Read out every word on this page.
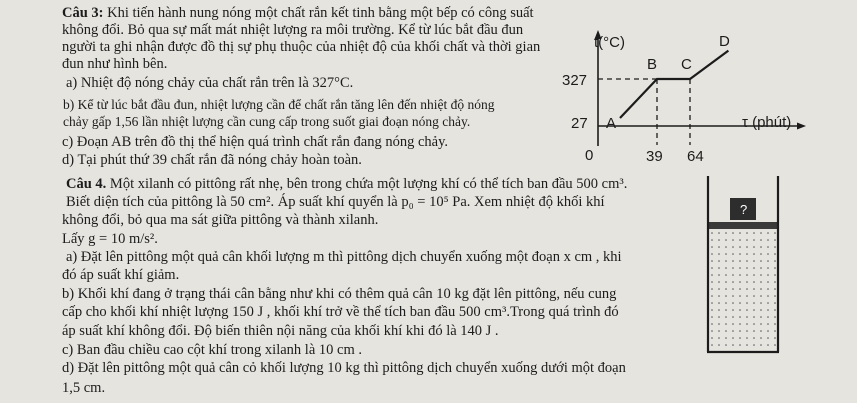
Câu 3: Khi tiến hành nung nóng một chất rắn kết tinh bằng một bếp có công suất
không đổi. Bỏ qua sự mất mát nhiệt lượng ra môi trường. Kể từ lúc bắt đầu đun
người ta ghi nhận được đồ thị sự phụ thuộc của nhiệt độ của khối chất và thời gian
đun như hình bên.
a) Nhiệt độ nóng chảy của chất rắn trên là 327°C.
b) Kể từ lúc bắt đầu đun, nhiệt lượng cần để chất rắn tăng lên đến nhiệt độ nóng
chảy gấp 1,56 lần nhiệt lượng cần cung cấp trong suốt giai đoạn nóng chảy.
c) Đoạn AB trên đồ thị thể hiện quá trình chất rắn đang nóng chảy.
d) Tại phút thứ 39 chất rắn đã nóng chảy hoàn toàn.
t(°C)
τ (phút)
0
327
27
39 64
A
B C
D
Câu 4. Một xilanh có pittông rất nhẹ, bên trong chứa một lượng khí có thể tích ban đầu 500 cm³.
Biết diện tích của pittông là 50 cm². Áp suất khí quyển là p₀ = 10⁵ Pa. Xem nhiệt độ khối khí
không đổi, bỏ qua ma sát giữa pittông và thành xilanh.
Lấy g = 10 m/s².
a) Đặt lên pittông một quả cân khối lượng m thì pittông dịch chuyển xuống một đoạn x cm , khi
đó áp suất khí giảm.
b) Khối khí đang ở trạng thái cân bằng như khi có thêm quả cân 10 kg đặt lên pittông, nếu cung
cấp cho khối khí nhiệt lượng 150 J , khối khí trở về thể tích ban đầu 500 cm³.Trong quá trình đó
áp suất khí không đổi. Độ biến thiên nội năng của khối khí khi đó là 140 J .
c) Ban đầu chiều cao cột khí trong xilanh là 10 cm .
d) Đặt lên pittông một quả cân cỏ khối lượng 10 kg thì pittông dịch chuyển xuống dưới một đoạn
1,5 cm.
?
